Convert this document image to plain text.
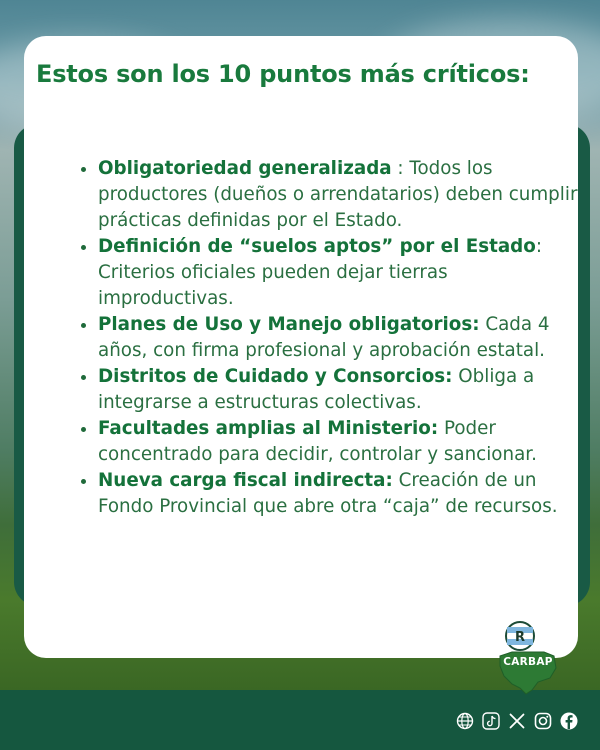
Estos son los 10 puntos más críticos:
• Obligatoriedad generalizada : Todos los productores (dueños o arrendatarios) deben cumplir prácticas definidas por el Estado.
• Definición de “suelos aptos” por el Estado: Criterios oficiales pueden dejar tierras improductivas.
• Planes de Uso y Manejo obligatorios: Cada 4 años, con firma profesional y aprobación estatal.
• Distritos de Cuidado y Consorcios: Obliga a integrarse a estructuras colectivas.
• Facultades amplias al Ministerio: Poder concentrado para decidir, controlar y sancionar.
• Nueva carga fiscal indirecta: Creación de un Fondo Provincial que abre otra “caja” de recursos.
R
CARBAP
